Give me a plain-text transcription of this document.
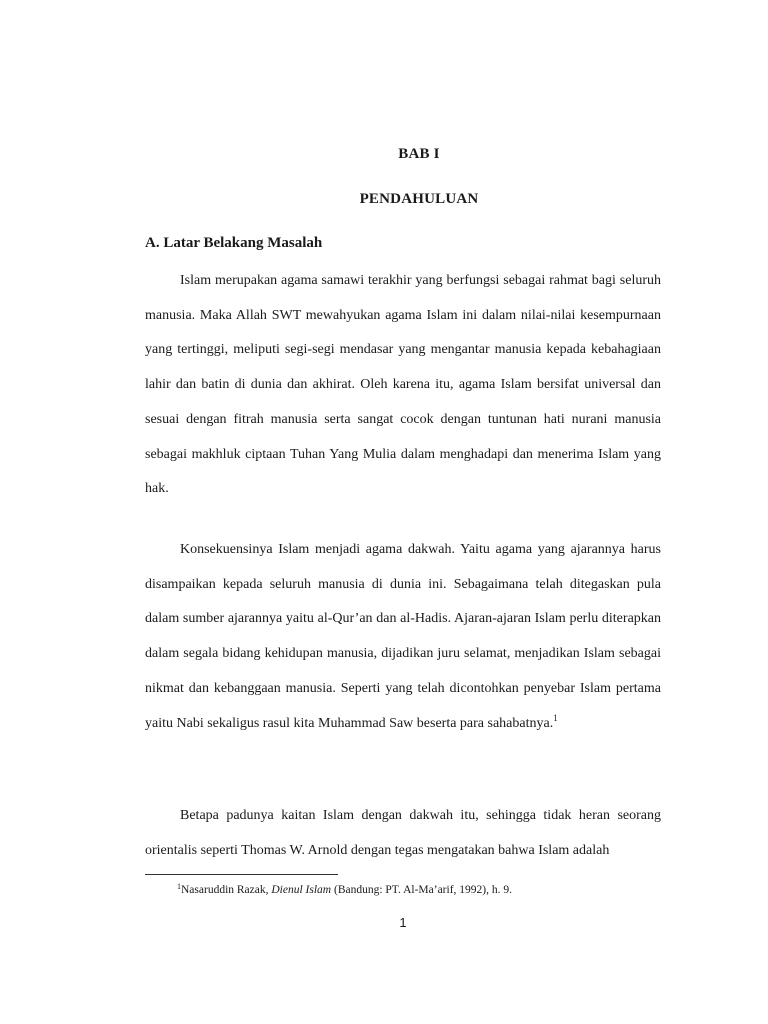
BAB I
PENDAHULUAN
A. Latar Belakang Masalah

Islam merupakan agama samawi terakhir yang berfungsi sebagai rahmat bagi seluruh manusia. Maka Allah SWT mewahyukan agama Islam ini dalam nilai-nilai kesempurnaan yang tertinggi, meliputi segi-segi mendasar yang mengantar manusia kepada kebahagiaan lahir dan batin di dunia dan akhirat. Oleh karena itu, agama Islam bersifat universal dan sesuai dengan fitrah manusia serta sangat cocok dengan tuntunan hati nurani manusia sebagai makhluk ciptaan Tuhan Yang Mulia dalam menghadapi dan menerima Islam yang hak.

Konsekuensinya Islam menjadi agama dakwah. Yaitu agama yang ajarannya harus disampaikan kepada seluruh manusia di dunia ini. Sebagaimana telah ditegaskan pula dalam sumber ajarannya yaitu al-Qur’an dan al-Hadis. Ajaran-ajaran Islam perlu diterapkan dalam segala bidang kehidupan manusia, dijadikan juru selamat, menjadikan Islam sebagai nikmat dan kebanggaan manusia. Seperti yang telah dicontohkan penyebar Islam pertama yaitu Nabi sekaligus rasul kita Muhammad Saw beserta para sahabatnya.$^1$

Betapa padunya kaitan Islam dengan dakwah itu, sehingga tidak heran seorang orientalis seperti Thomas W. Arnold dengan tegas mengatakan bahwa Islam adalah

$^1$Nasaruddin Razak, Dienul Islam (Bandung: PT. Al-Ma’arif, 1992), h. 9.
1
